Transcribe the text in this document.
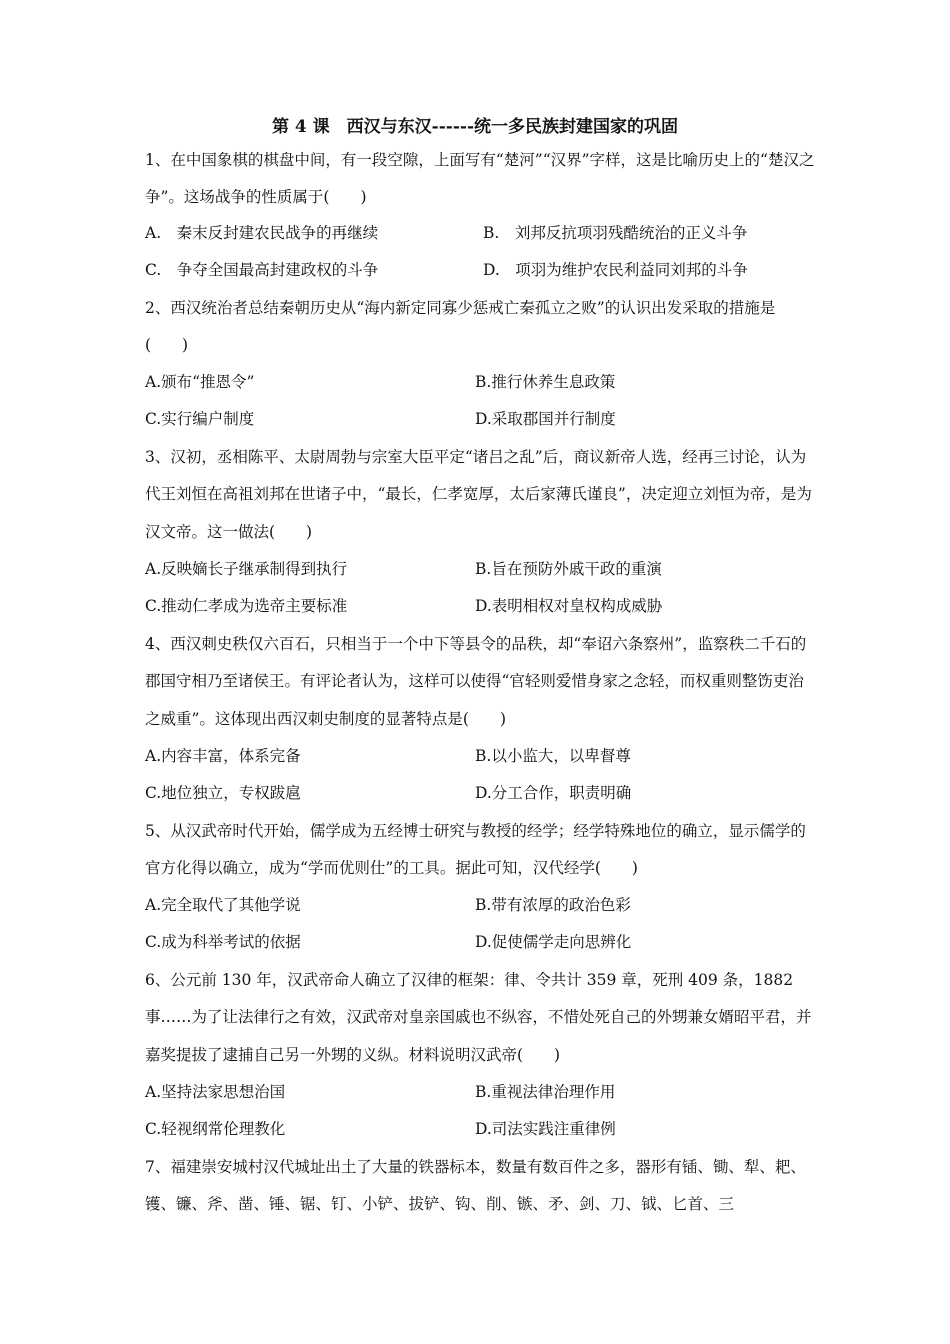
第 4 课　西汉与东汉------统一多民族封建国家的巩固
1、在中国象棋的棋盘中间，有一段空隙，上面写有“楚河”“汉界”字样，这是比喻历史上的“楚汉之争”。这场战争的性质属于(　　)
A.　秦末反封建农民战争的再继续	B.　刘邦反抗项羽残酷统治的正义斗争
C.　争夺全国最高封建政权的斗争	D.　项羽为维护农民利益同刘邦的斗争
2、西汉统治者总结秦朝历史从“海内新定同寡少惩戒亡秦孤立之败”的认识出发采取的措施是(　　)
A.颁布“推恩令”	B.推行休养生息政策
C.实行编户制度	D.采取郡国并行制度
3、汉初，丞相陈平、太尉周勃与宗室大臣平定“诸吕之乱”后，商议新帝人选，经再三讨论，认为代王刘恒在高祖刘邦在世诸子中，“最长，仁孝宽厚，太后家薄氏谨良”，决定迎立刘恒为帝，是为汉文帝。这一做法(　　)
A.反映嫡长子继承制得到执行	B.旨在预防外戚干政的重演
C.推动仁孝成为选帝主要标准	D.表明相权对皇权构成威胁
4、西汉刺史秩仅六百石，只相当于一个中下等县令的品秩，却“奉诏六条察州”，监察秩二千石的郡国守相乃至诸侯王。有评论者认为，这样可以使得“官轻则爱惜身家之念轻，而权重则整饬吏治之威重”。这体现出西汉刺史制度的显著特点是(　　)
A.内容丰富，体系完备	B.以小监大，以卑督尊
C.地位独立，专权跋扈	D.分工合作，职责明确
5、从汉武帝时代开始，儒学成为五经博士研究与教授的经学；经学特殊地位的确立，显示儒学的官方化得以确立，成为“学而优则仕”的工具。据此可知，汉代经学(　　)
A.完全取代了其他学说	B.带有浓厚的政治色彩
C.成为科举考试的依据	D.促使儒学走向思辨化
6、公元前 130 年，汉武帝命人确立了汉律的框架：律、令共计 359 章，死刑 409 条，1882 事……为了让法律行之有效，汉武帝对皇亲国戚也不纵容，不惜处死自己的外甥兼女婿昭平君，并嘉奖提拔了逮捕自己另一外甥的义纵。材料说明汉武帝(　　)
A.坚持法家思想治国	B.重视法律治理作用
C.轻视纲常伦理教化	D.司法实践注重律例
7、福建崇安城村汉代城址出土了大量的铁器标本，数量有数百件之多，器形有锸、锄、犁、耙、镬、镰、斧、凿、锤、锯、钉、小铲、拔铲、钩、削、镞、矛、剑、刀、钺、匕首、三
